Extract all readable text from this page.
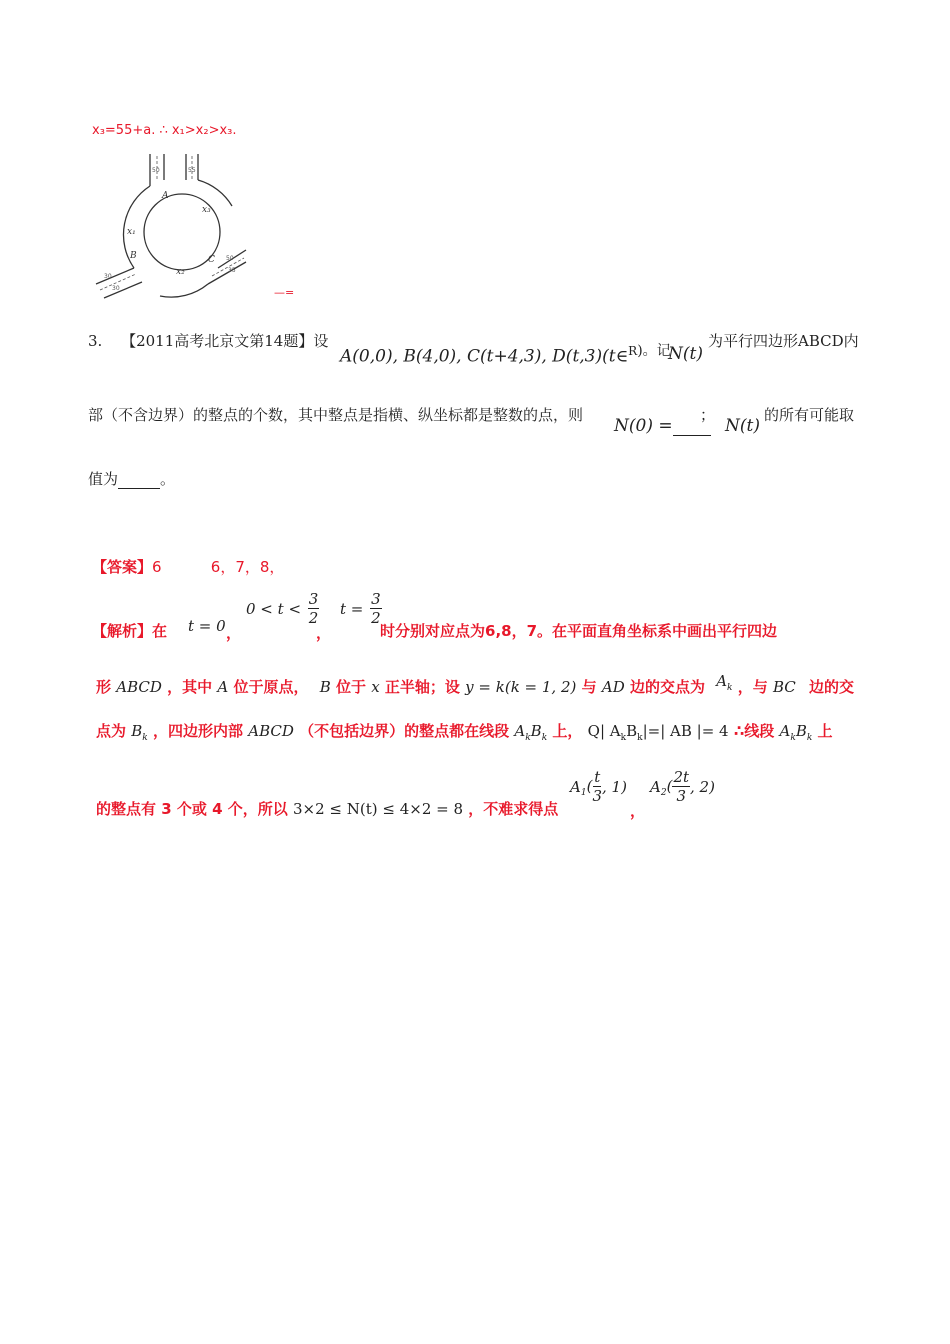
x₃=55+a. ∴ x₁>x₂>x₃.
x₁
x₂
x₃
A
B	C
50	55
30
30
50
35
—=
3. 【2011高考北京文第14题】设
A(0,0), B(4,0), C(t+4,3), D(t,3)(t∈$^{R)。记}$
N(t)
为平行四边形ABCD内
部（不含边界）的整点的个数，其中整点是指横、纵坐标都是整数的点，则
N(0) =
；
N(t)
的所有可能取
值为	。
【答案】6	6，7，8，
【解析】在 t = 0 ，
$0 < t < \frac{3}{2}$
，
$t = \frac{3}{2}$
时分别对应点为6,8，7。在平面直角坐标系中画出平行四边
形 ABCD ，其中 A 位于原点， B 位于 x 正半轴；设 y = k(k = 1, 2) 与 AD 边的交点为 $A_k$ ，与 BC 边的交
点为 $B_k$ ，四边形内部 ABCD （不包括边界）的整点都在线段 $A_kB_k$ 上， Q| $A_kB_k|=|$ AB |= 4 ∴线段 $A_kB_k$ 上
的整点有 3 个或 4 个，所以 3×2 ≤ N(t) ≤ 4×2 = 8 ，不难求得点
$A_1( \frac{t}{3}$ , 1)
，
$A_2( \frac{2t}{3}$ , 2)
